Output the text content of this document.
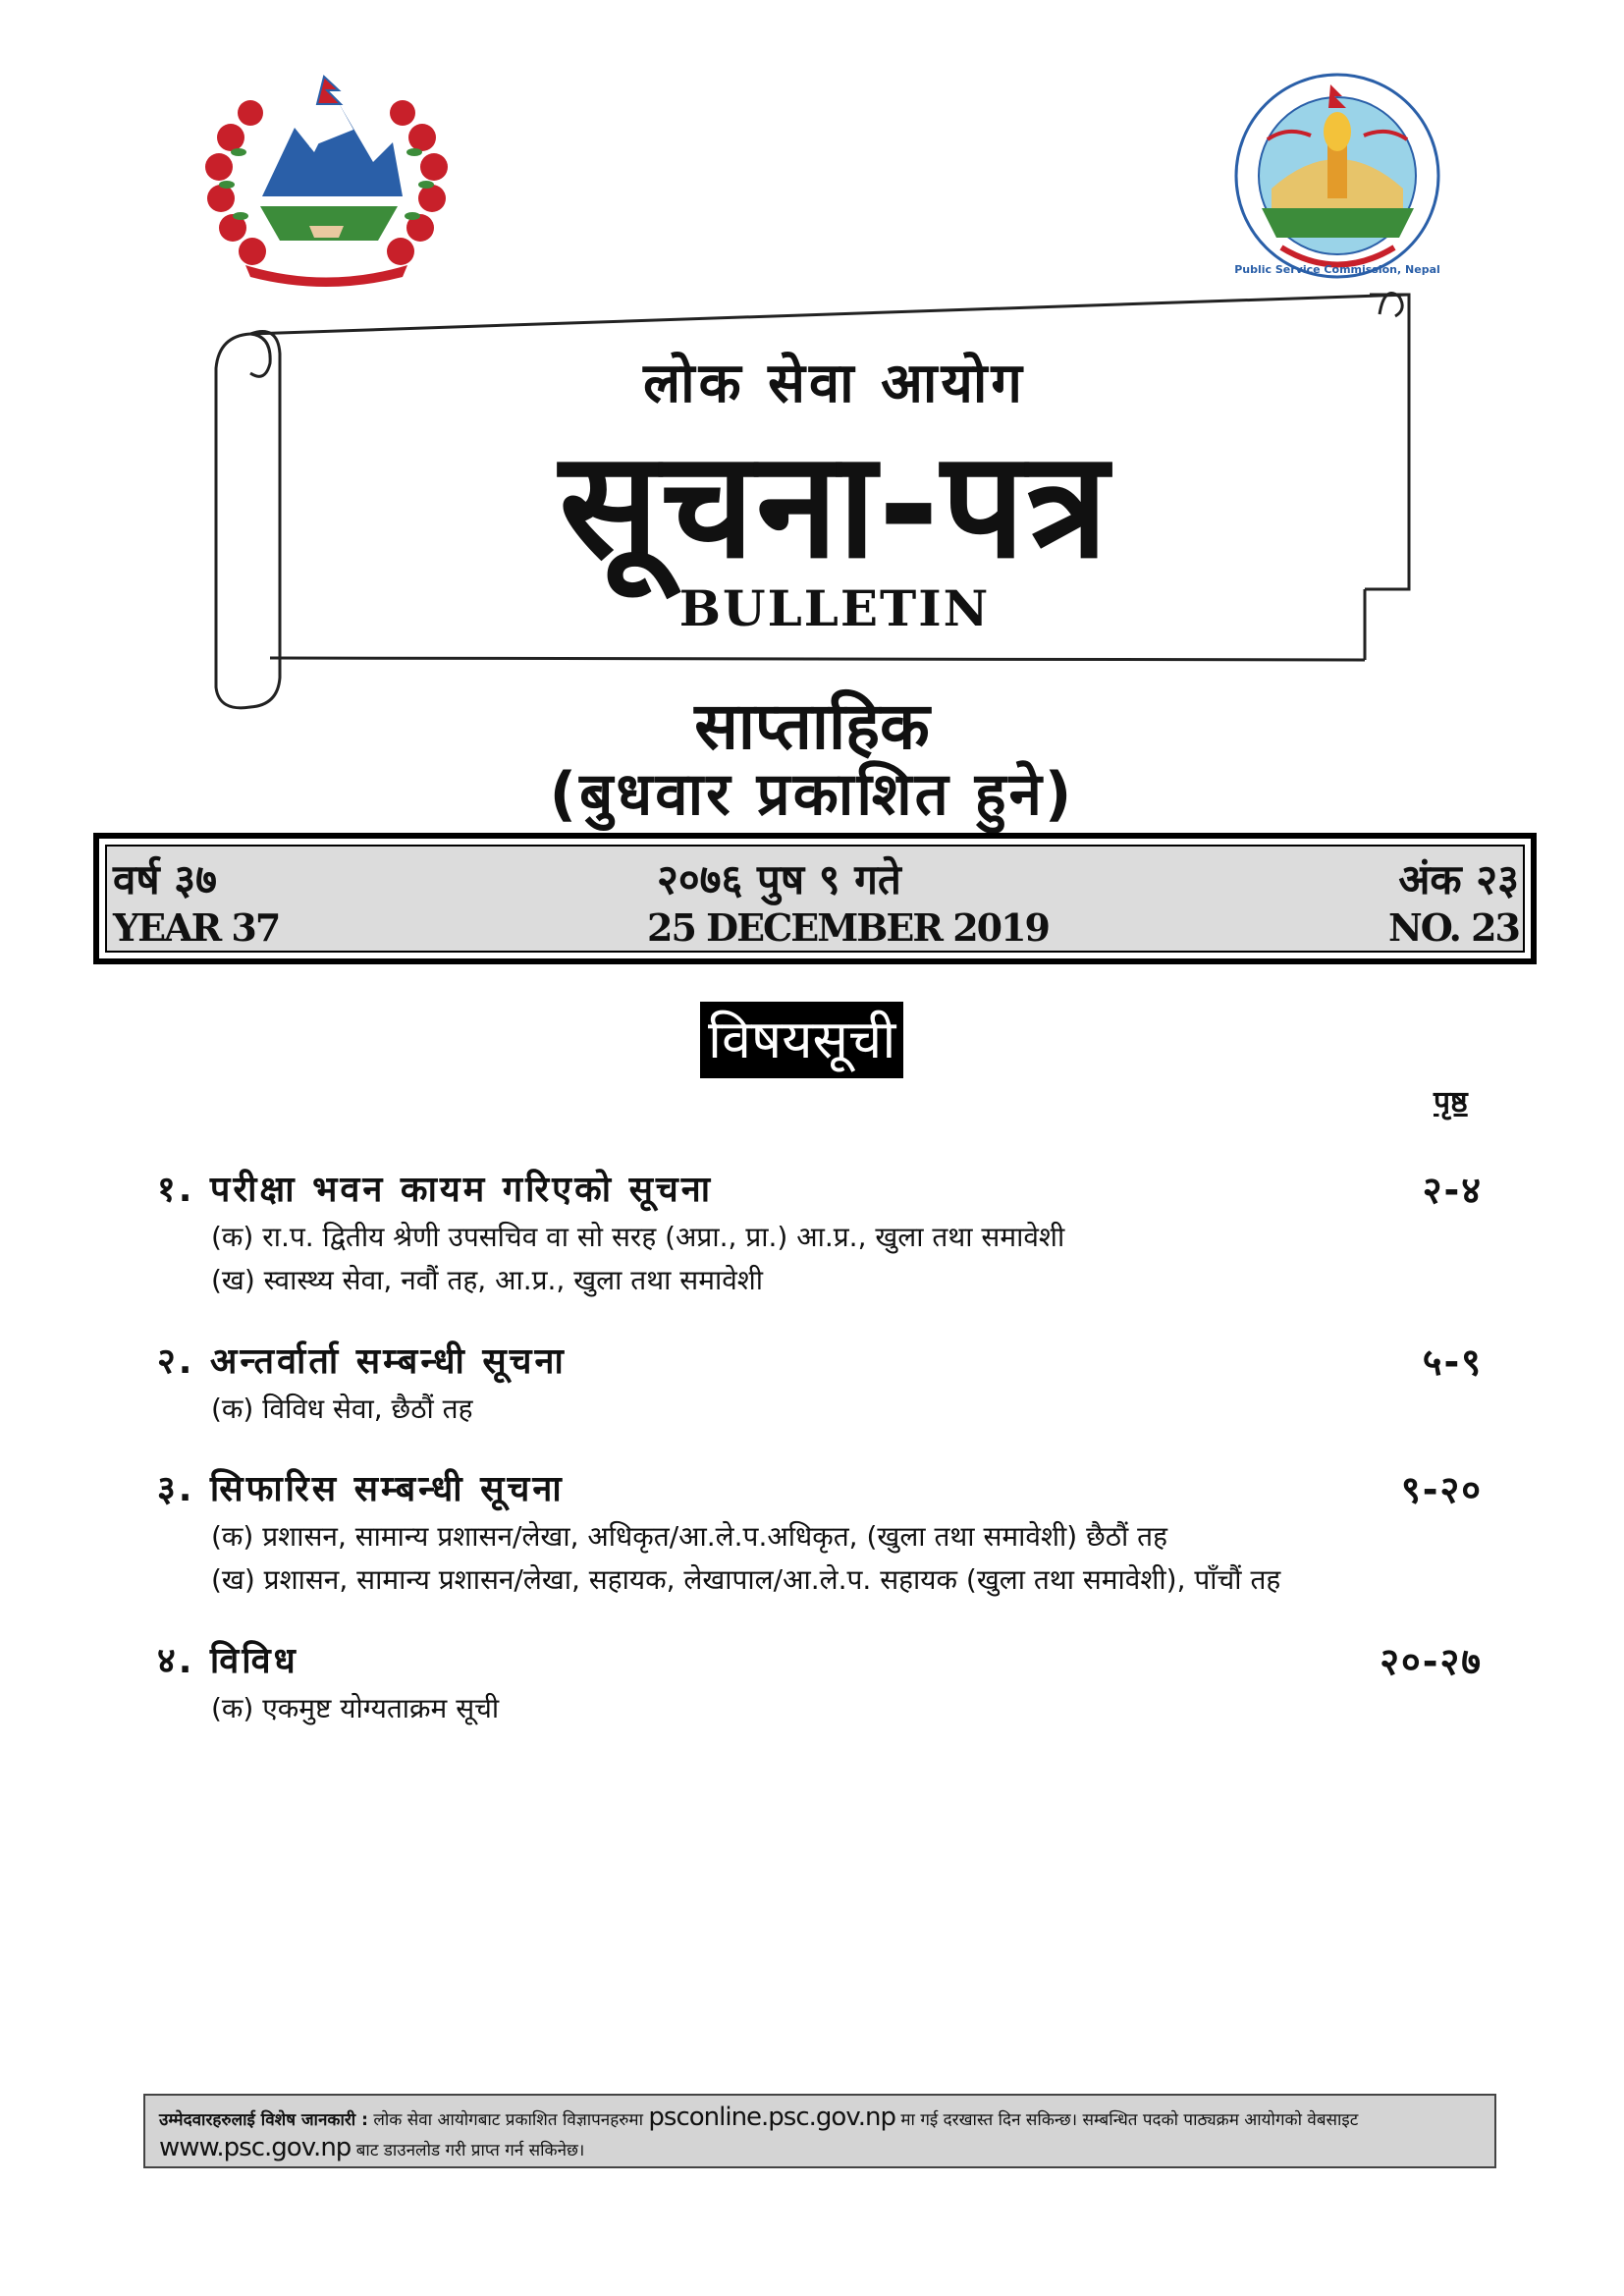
Public Service Commission, Nepal
लोक सेवा आयोग
सूचना-पत्र
BULLETIN
साप्ताहिक
(बुधवार प्रकाशित हुने)
वर्ष ३७
YEAR 37
२०७६ पुष ९ गते
25 DECEMBER 2019
अंक २३
NO. 23
विषयसूची
पृष्ठ
१. परीक्षा भवन कायम गरिएको सूचना	२-४
(क) रा.प. द्वितीय श्रेणी उपसचिव वा सो सरह (अप्रा., प्रा.) आ.प्र., खुला तथा समावेशी
(ख) स्वास्थ्य सेवा, नवौं तह, आ.प्र., खुला तथा समावेशी
२. अन्तर्वार्ता सम्बन्धी सूचना	५-९
(क) विविध सेवा, छैठौं तह
३. सिफारिस सम्बन्धी सूचना	९-२०
(क) प्रशासन, सामान्य प्रशासन/लेखा, अधिकृत/आ.ले.प.अधिकृत, (खुला तथा समावेशी) छैठौं तह
(ख) प्रशासन, सामान्य प्रशासन/लेखा, सहायक, लेखापाल/आ.ले.प. सहायक (खुला तथा समावेशी), पाँचौं तह
४. विविध	२०-२७
(क) एकमुष्ट योग्यताक्रम सूची
उम्मेदवारहरुलाई विशेष जानकारी : लोक सेवा आयोगबाट प्रकाशित विज्ञापनहरुमा psconline.psc.gov.np मा गई दरखास्त दिन सकिन्छ। सम्बन्धित पदको पाठ्यक्रम आयोगको वेबसाइट www.psc.gov.np बाट डाउनलोड गरी प्राप्त गर्न सकिनेछ।
